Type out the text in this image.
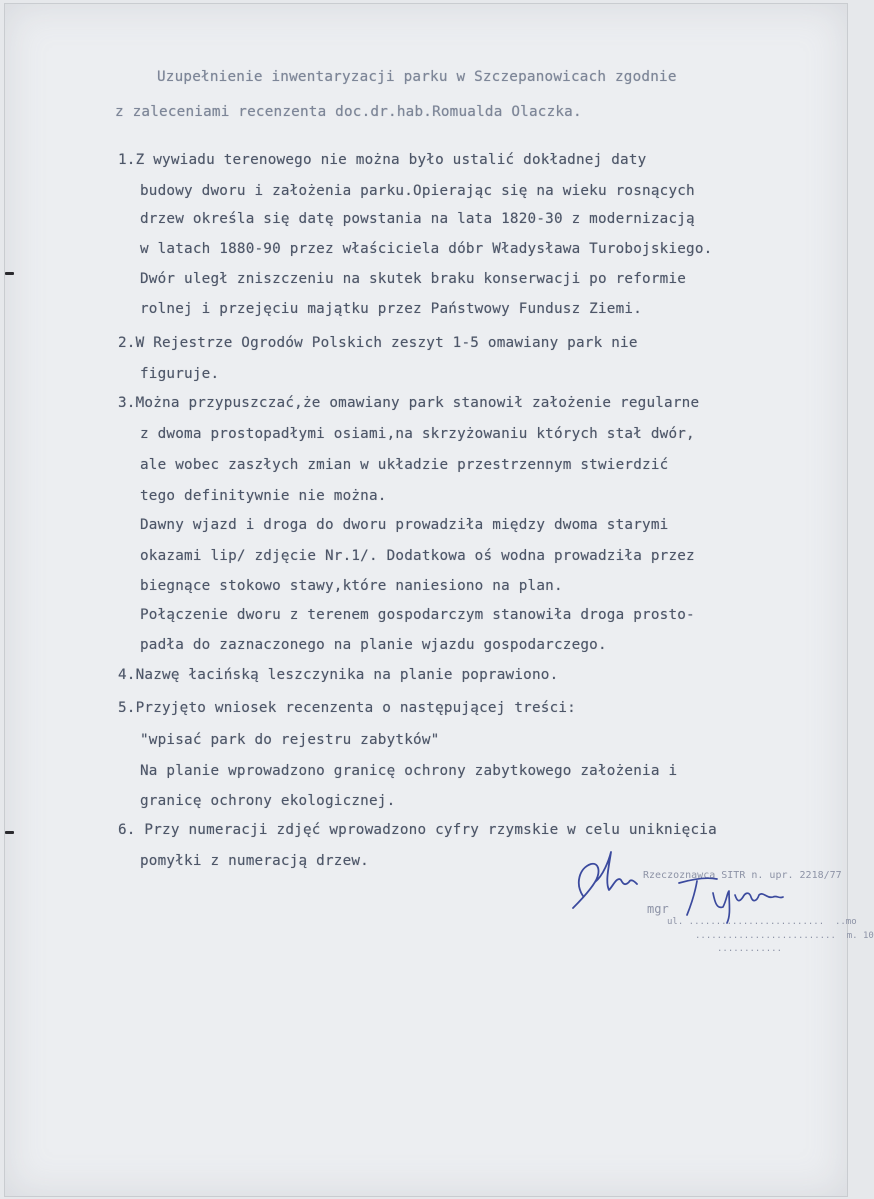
Uzupełnienie inwentaryzacji parku w Szczepanowicach zgodnie
z zaleceniami recenzenta doc.dr.hab.Romualda Olaczka.
1.Z wywiadu terenowego nie można było ustalić dokładnej daty
budowy dworu i założenia parku.Opierając się na wieku rosnących
drzew określa się datę powstania na lata 1820-30 z modernizacją
w latach 1880-90 przez właściciela dóbr Władysława Turobojskiego.
Dwór uległ zniszczeniu na skutek braku konserwacji po reformie
rolnej i przejęciu majątku przez Państwowy Fundusz Ziemi.
2.W Rejestrze Ogrodów Polskich zeszyt 1-5 omawiany park nie
figuruje.
3.Można przypuszczać,że omawiany park stanowił założenie regularne
z dwoma prostopadłymi osiami,na skrzyżowaniu których stał dwór,
ale wobec zaszłych zmian w układzie przestrzennym stwierdzić
tego definitywnie nie można.
Dawny wjazd i droga do dworu prowadziła między dwoma starymi
okazami lip/ zdjęcie Nr.1/. Dodatkowa oś wodna prowadziła przez
biegnące stokowo stawy,które naniesiono na plan.
Połączenie dworu z terenem gospodarczym stanowiła droga prosto-
padła do zaznaczonego na planie wjazdu gospodarczego.
4.Nazwę łacińską leszczynika na planie poprawiono.
5.Przyjęto wniosek recenzenta o następującej treści:
"wpisać park do rejestru zabytków"
Na planie wprowadzono granicę ochrony zabytkowego założenia i
granicę ochrony ekologicznej.
6. Przy numeracji zdjęć wprowadzono cyfry rzymskie w celu uniknięcia
pomyłki z numeracją drzew.
Rzeczoznawca SITR n. upr. 2218/77
mgr
ul. .........................  ..mo
..........................  m. 10
............
